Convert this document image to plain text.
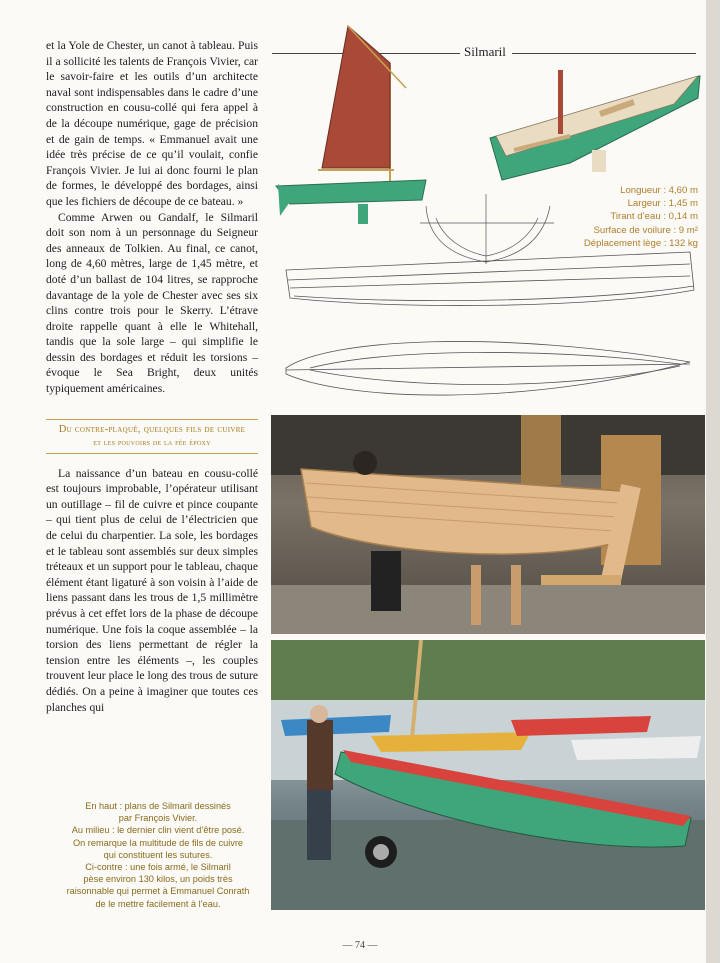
et la Yole de Chester, un canot à tableau. Puis il a sollicité les talents de François Vivier, car le savoir-faire et les outils d’un architecte naval sont indispensables dans le cadre d’une construction en cousu-collé qui fera appel à de la découpe numérique, gage de précision et de gain de temps. « Emmanuel avait une idée très précise de ce qu’il voulait, confie François Vivier. Je lui ai donc fourni le plan de formes, le développé des bordages, ainsi que les fichiers de découpe de ce bateau. »

Comme Arwen ou Gandalf, le Silmaril doit son nom à un personnage du Seigneur des anneaux de Tolkien. Au final, ce canot, long de 4,60 mètres, large de 1,45 mètre, et doté d’un ballast de 104 litres, se rapproche davantage de la yole de Chester avec ses six clins contre trois pour le Skerry. L’étrave droite rappelle quant à elle le Whitehall, tandis que la sole large – qui simplifie le dessin des bordages et réduit les torsions – évoque le Sea Bright, deux unités typiquement américaines.

Du contre-plaqué, quelques fils de cuivre
et les pouvoirs de la fée époxy

La naissance d’un bateau en cousu-collé est toujours improbable, l’opérateur utilisant un outillage – fil de cuivre et pince coupante – qui tient plus de celui de l’électricien que de celui du charpentier. La sole, les bordages et le tableau sont assemblés sur deux simples tréteaux et un support pour le tableau, chaque élément étant ligaturé à son voisin à l’aide de liens passant dans les trous de 1,5 millimètre prévus à cet effet lors de la phase de découpe numérique. Une fois la coque assemblée – la torsion des liens permettant de régler la tension entre les éléments –, les couples trouvent leur place le long des trous de suture dédiés. On a peine à imaginer que toutes ces planches qui

Silmaril
Longueur : 4,60 m
Largeur : 1,45 m
Tirant d’eau : 0,14 m
Surface de voilure : 9 m²
Déplacement lège : 132 kg
En haut : plans de Silmaril dessinés
par François Vivier.
Au milieu : le dernier clin vient d’être posé.
On remarque la multitude de fils de cuivre
qui constituent les sutures.
Ci-contre : une fois armé, le Silmaril
pèse environ 130 kilos, un poids très
raisonnable qui permet à Emmanuel Conrath
de le mettre facilement à l’eau.
— 74 —
